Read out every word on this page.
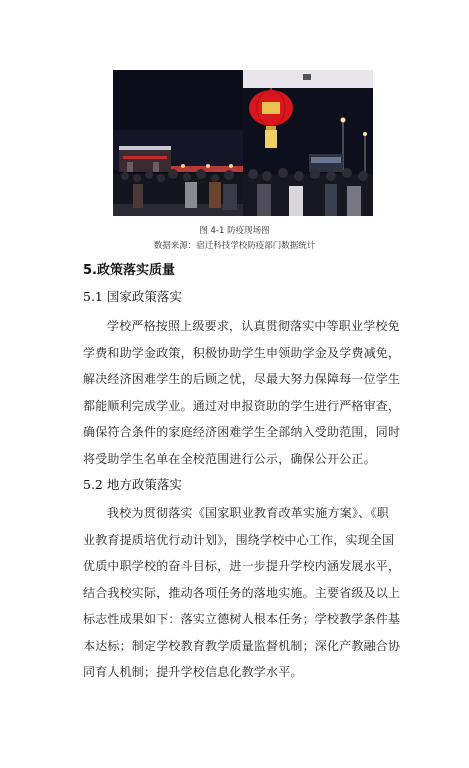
图 4-1 防疫现场图
数据来源：宿迁科技学校防疫部门数据统计
5.政策落实质量
5.1 国家政策落实
学校严格按照上级要求，认真贯彻落实中等职业学校免
学费和助学金政策，积极协助学生申领助学金及学费减免，
解决经济困难学生的后顾之忧，尽最大努力保障每一位学生
都能顺利完成学业。通过对申报资助的学生进行严格审查，
确保符合条件的家庭经济困难学生全部纳入受助范围，同时
将受助学生名单在全校范围进行公示，确保公开公正。
5.2 地方政策落实
我校为贯彻落实《国家职业教育改革实施方案》、《职
业教育提质培优行动计划》，围绕学校中心工作，实现全国
优质中职学校的奋斗目标，进一步提升学校内涵发展水平，
结合我校实际，推动各项任务的落地实施。主要省级及以上
标志性成果如下：落实立德树人根本任务；学校教学条件基
本达标；制定学校教育教学质量监督机制；深化产教融合协
同育人机制；提升学校信息化教学水平。
